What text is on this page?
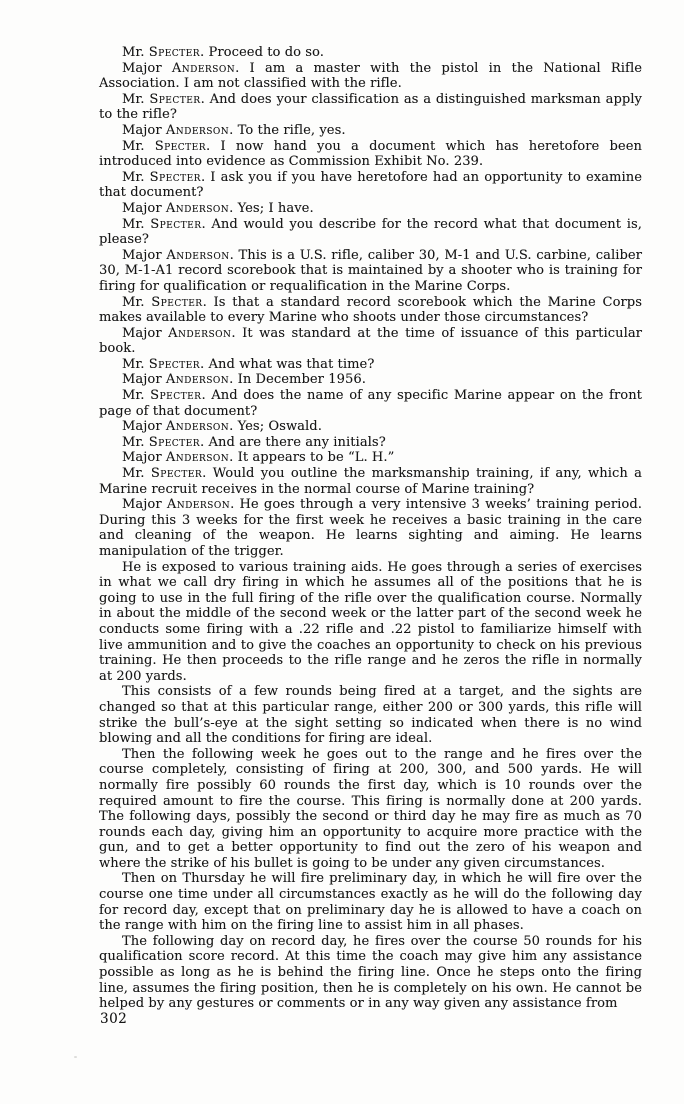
Mr. Specter. Proceed to do so.

Major Anderson. I am a master with the pistol in the National Rifle Association. I am not classified with the rifle.

Mr. Specter. And does your classification as a distinguished marksman apply to the rifle?

Major Anderson. To the rifle, yes.

Mr. Specter. I now hand you a document which has heretofore been introduced into evidence as Commission Exhibit No. 239.

Mr. Specter. I ask you if you have heretofore had an opportunity to examine that document?

Major Anderson. Yes; I have.

Mr. Specter. And would you describe for the record what that document is, please?

Major Anderson. This is a U.S. rifle, caliber 30, M-1 and U.S. carbine, caliber 30, M-1-A1 record scorebook that is maintained by a shooter who is training for firing for qualification or requalification in the Marine Corps.

Mr. Specter. Is that a standard record scorebook which the Marine Corps makes available to every Marine who shoots under those circumstances?

Major Anderson. It was standard at the time of issuance of this particular book.

Mr. Specter. And what was that time?

Major Anderson. In December 1956.

Mr. Specter. And does the name of any specific Marine appear on the front page of that document?

Major Anderson. Yes; Oswald.

Mr. Specter. And are there any initials?

Major Anderson. It appears to be “L. H.”

Mr. Specter. Would you outline the marksmanship training, if any, which a Marine recruit receives in the normal course of Marine training?

Major Anderson. He goes through a very intensive 3 weeks’ training period. During this 3 weeks for the first week he receives a basic training in the care and cleaning of the weapon. He learns sighting and aiming. He learns manipulation of the trigger.

He is exposed to various training aids. He goes through a series of exercises in what we call dry firing in which he assumes all of the positions that he is going to use in the full firing of the rifle over the qualification course. Normally in about the middle of the second week or the latter part of the second week he conducts some firing with a .22 rifle and .22 pistol to familiarize himself with live ammunition and to give the coaches an opportunity to check on his previous training. He then proceeds to the rifle range and he zeros the rifle in normally at 200 yards.

This consists of a few rounds being fired at a target, and the sights are changed so that at this particular range, either 200 or 300 yards, this rifle will strike the bull’s-eye at the sight setting so indicated when there is no wind blowing and all the conditions for firing are ideal.

Then the following week he goes out to the range and he fires over the course completely, consisting of firing at 200, 300, and 500 yards. He will normally fire possibly 60 rounds the first day, which is 10 rounds over the required amount to fire the course. This firing is normally done at 200 yards. The following days, possibly the second or third day he may fire as much as 70 rounds each day, giving him an opportunity to acquire more practice with the gun, and to get a better opportunity to find out the zero of his weapon and where the strike of his bullet is going to be under any given circumstances.

Then on Thursday he will fire preliminary day, in which he will fire over the course one time under all circumstances exactly as he will do the following day for record day, except that on preliminary day he is allowed to have a coach on the range with him on the firing line to assist him in all phases.

The following day on record day, he fires over the course 50 rounds for his qualification score record. At this time the coach may give him any assistance possible as long as he is behind the firing line. Once he steps onto the firing line, assumes the firing position, then he is completely on his own. He cannot be helped by any gestures or comments or in any way given any assistance from

302
